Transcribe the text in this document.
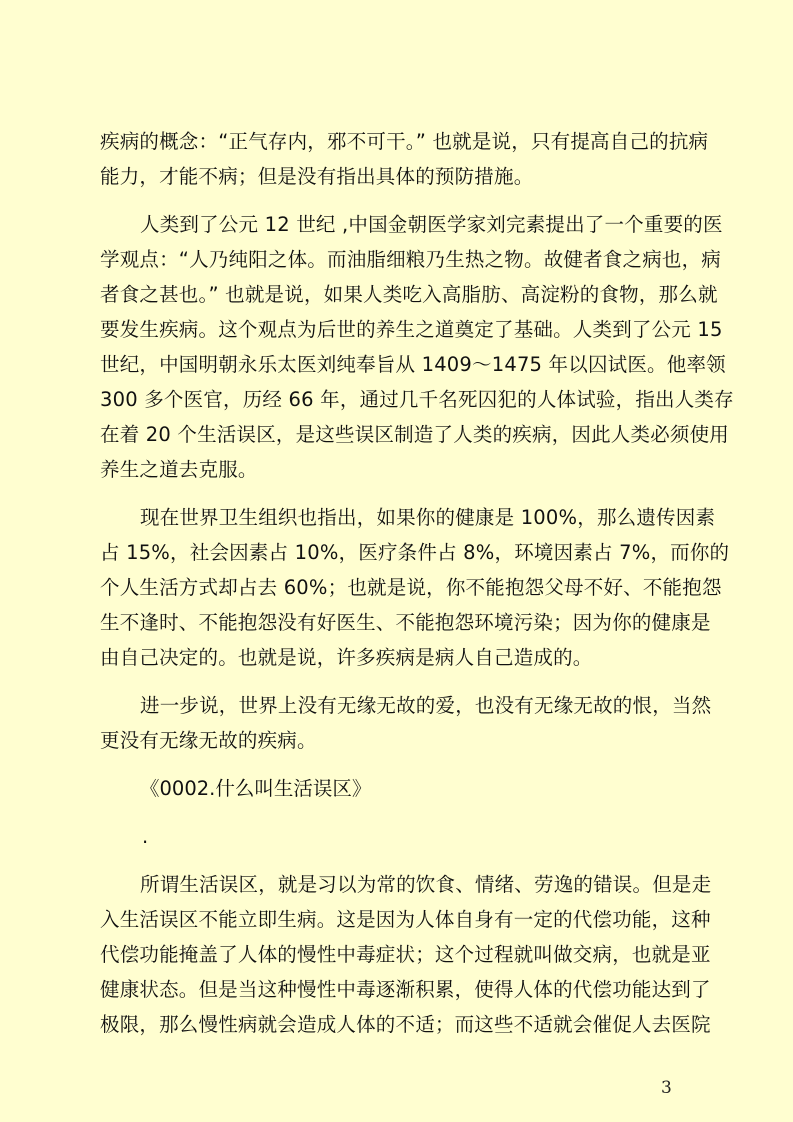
疾病的概念：“正气存内，邪不可干。” 也就是说，只有提高自己的抗病
能力，才能不病；但是没有指出具体的预防措施。

人类到了公元 12 世纪 ,中国金朝医学家刘完素提出了一个重要的医
学观点：“人乃纯阳之体。而油脂细粮乃生热之物。故健者食之病也，病
者食之甚也。” 也就是说，如果人类吃入高脂肪、高淀粉的食物，那么就
要发生疾病。这个观点为后世的养生之道奠定了基础。人类到了公元 15
世纪，中国明朝永乐太医刘纯奉旨从 1409～1475 年以囚试医。他率领
300 多个医官，历经 66 年，通过几千名死囚犯的人体试验，指出人类存
在着 20 个生活误区，是这些误区制造了人类的疾病，因此人类必须使用
养生之道去克服。

现在世界卫生组织也指出，如果你的健康是 100%，那么遗传因素
占 15%，社会因素占 10%，医疗条件占 8%，环境因素占 7%，而你的
个人生活方式却占去 60%；也就是说，你不能抱怨父母不好、不能抱怨
生不逢时、不能抱怨没有好医生、不能抱怨环境污染；因为你的健康是
由自己决定的。也就是说，许多疾病是病人自己造成的。

进一步说，世界上没有无缘无故的爱，也没有无缘无故的恨，当然
更没有无缘无故的疾病。

《0002.什么叫生活误区》
.

所谓生活误区，就是习以为常的饮食、情绪、劳逸的错误。但是走
入生活误区不能立即生病。这是因为人体自身有一定的代偿功能，这种
代偿功能掩盖了人体的慢性中毒症状；这个过程就叫做交病，也就是亚
健康状态。但是当这种慢性中毒逐渐积累，使得人体的代偿功能达到了
极限，那么慢性病就会造成人体的不适；而这些不适就会催促人去医院

3
